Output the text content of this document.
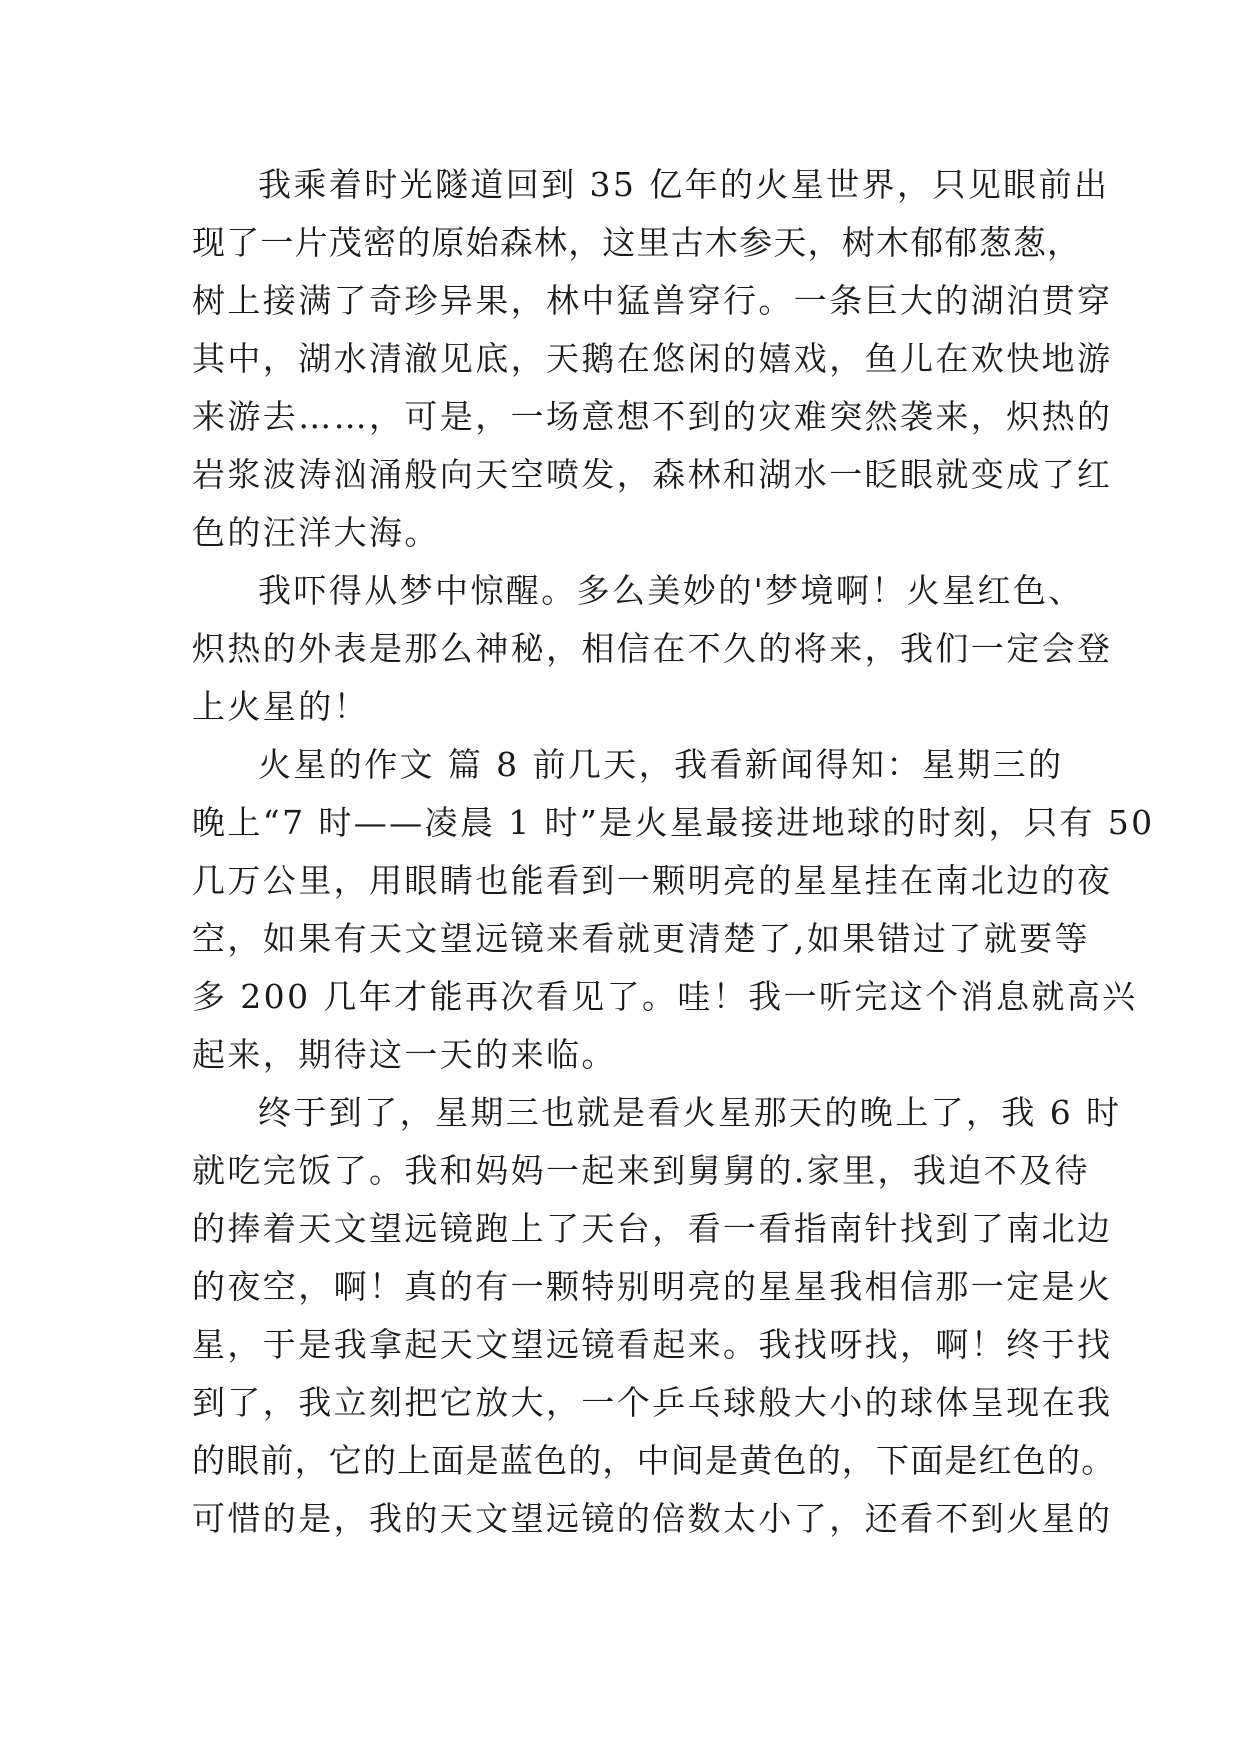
我乘着时光隧道回到 35 亿年的火星世界，只见眼前出
现了一片茂密的原始森林，这里古木参天，树木郁郁葱葱，
树上接满了奇珍异果，林中猛兽穿行。一条巨大的湖泊贯穿
其中，湖水清澈见底，天鹅在悠闲的嬉戏，鱼儿在欢快地游
来游去……，可是，一场意想不到的灾难突然袭来，炽热的
岩浆波涛汹涌般向天空喷发，森林和湖水一眨眼就变成了红
色的汪洋大海。
我吓得从梦中惊醒。多么美妙的'梦境啊！火星红色、
炽热的外表是那么神秘，相信在不久的将来，我们一定会登
上火星的！
火星的作文 篇 8 前几天，我看新闻得知：星期三的
晚上“7 时——凌晨 1 时”是火星最接进地球的时刻，只有 50
几万公里，用眼睛也能看到一颗明亮的星星挂在南北边的夜
空，如果有天文望远镜来看就更清楚了,如果错过了就要等
多 200 几年才能再次看见了。哇！我一听完这个消息就高兴
起来，期待这一天的来临。
终于到了，星期三也就是看火星那天的晚上了，我 6 时
就吃完饭了。我和妈妈一起来到舅舅的.家里，我迫不及待
的捧着天文望远镜跑上了天台，看一看指南针找到了南北边
的夜空，啊！真的有一颗特别明亮的星星我相信那一定是火
星，于是我拿起天文望远镜看起来。我找呀找，啊！终于找
到了，我立刻把它放大，一个乒乓球般大小的球体呈现在我
的眼前，它的上面是蓝色的，中间是黄色的，下面是红色的。
可惜的是，我的天文望远镜的倍数太小了，还看不到火星的
